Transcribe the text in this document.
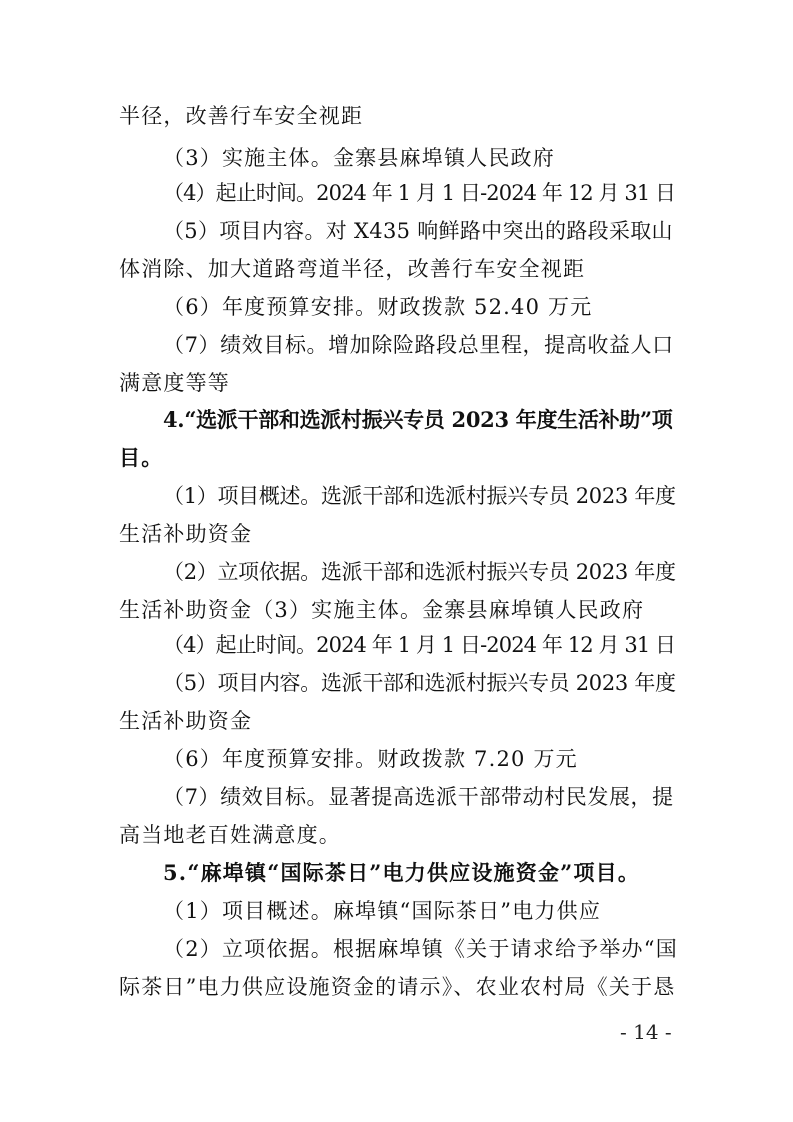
半径，改善行车安全视距
（3）实施主体。金寨县麻埠镇人民政府
（4）起止时间。2024 年 1 月 1 日-2024 年 12 月 31 日
（5）项目内容。对 X435 响鲜路中突出的路段采取山
体消除、加大道路弯道半径，改善行车安全视距
（6）年度预算安排。财政拨款 52.40 万元
（7）绩效目标。增加除险路段总里程，提高收益人口
满意度等等
4.“选派干部和选派村振兴专员 2023 年度生活补助”项
目。
（1）项目概述。选派干部和选派村振兴专员 2023 年度
生活补助资金
（2）立项依据。选派干部和选派村振兴专员 2023 年度
生活补助资金（3）实施主体。金寨县麻埠镇人民政府
（4）起止时间。2024 年 1 月 1 日-2024 年 12 月 31 日
（5）项目内容。选派干部和选派村振兴专员 2023 年度
生活补助资金
（6）年度预算安排。财政拨款 7.20 万元
（7）绩效目标。显著提高选派干部带动村民发展，提
高当地老百姓满意度。
5.“麻埠镇“国际茶日”电力供应设施资金”项目。
（1）项目概述。麻埠镇“国际茶日”电力供应
（2）立项依据。根据麻埠镇《关于请求给予举办“国
际茶日”电力供应设施资金的请示》、农业农村局《关于恳
- 14 -
